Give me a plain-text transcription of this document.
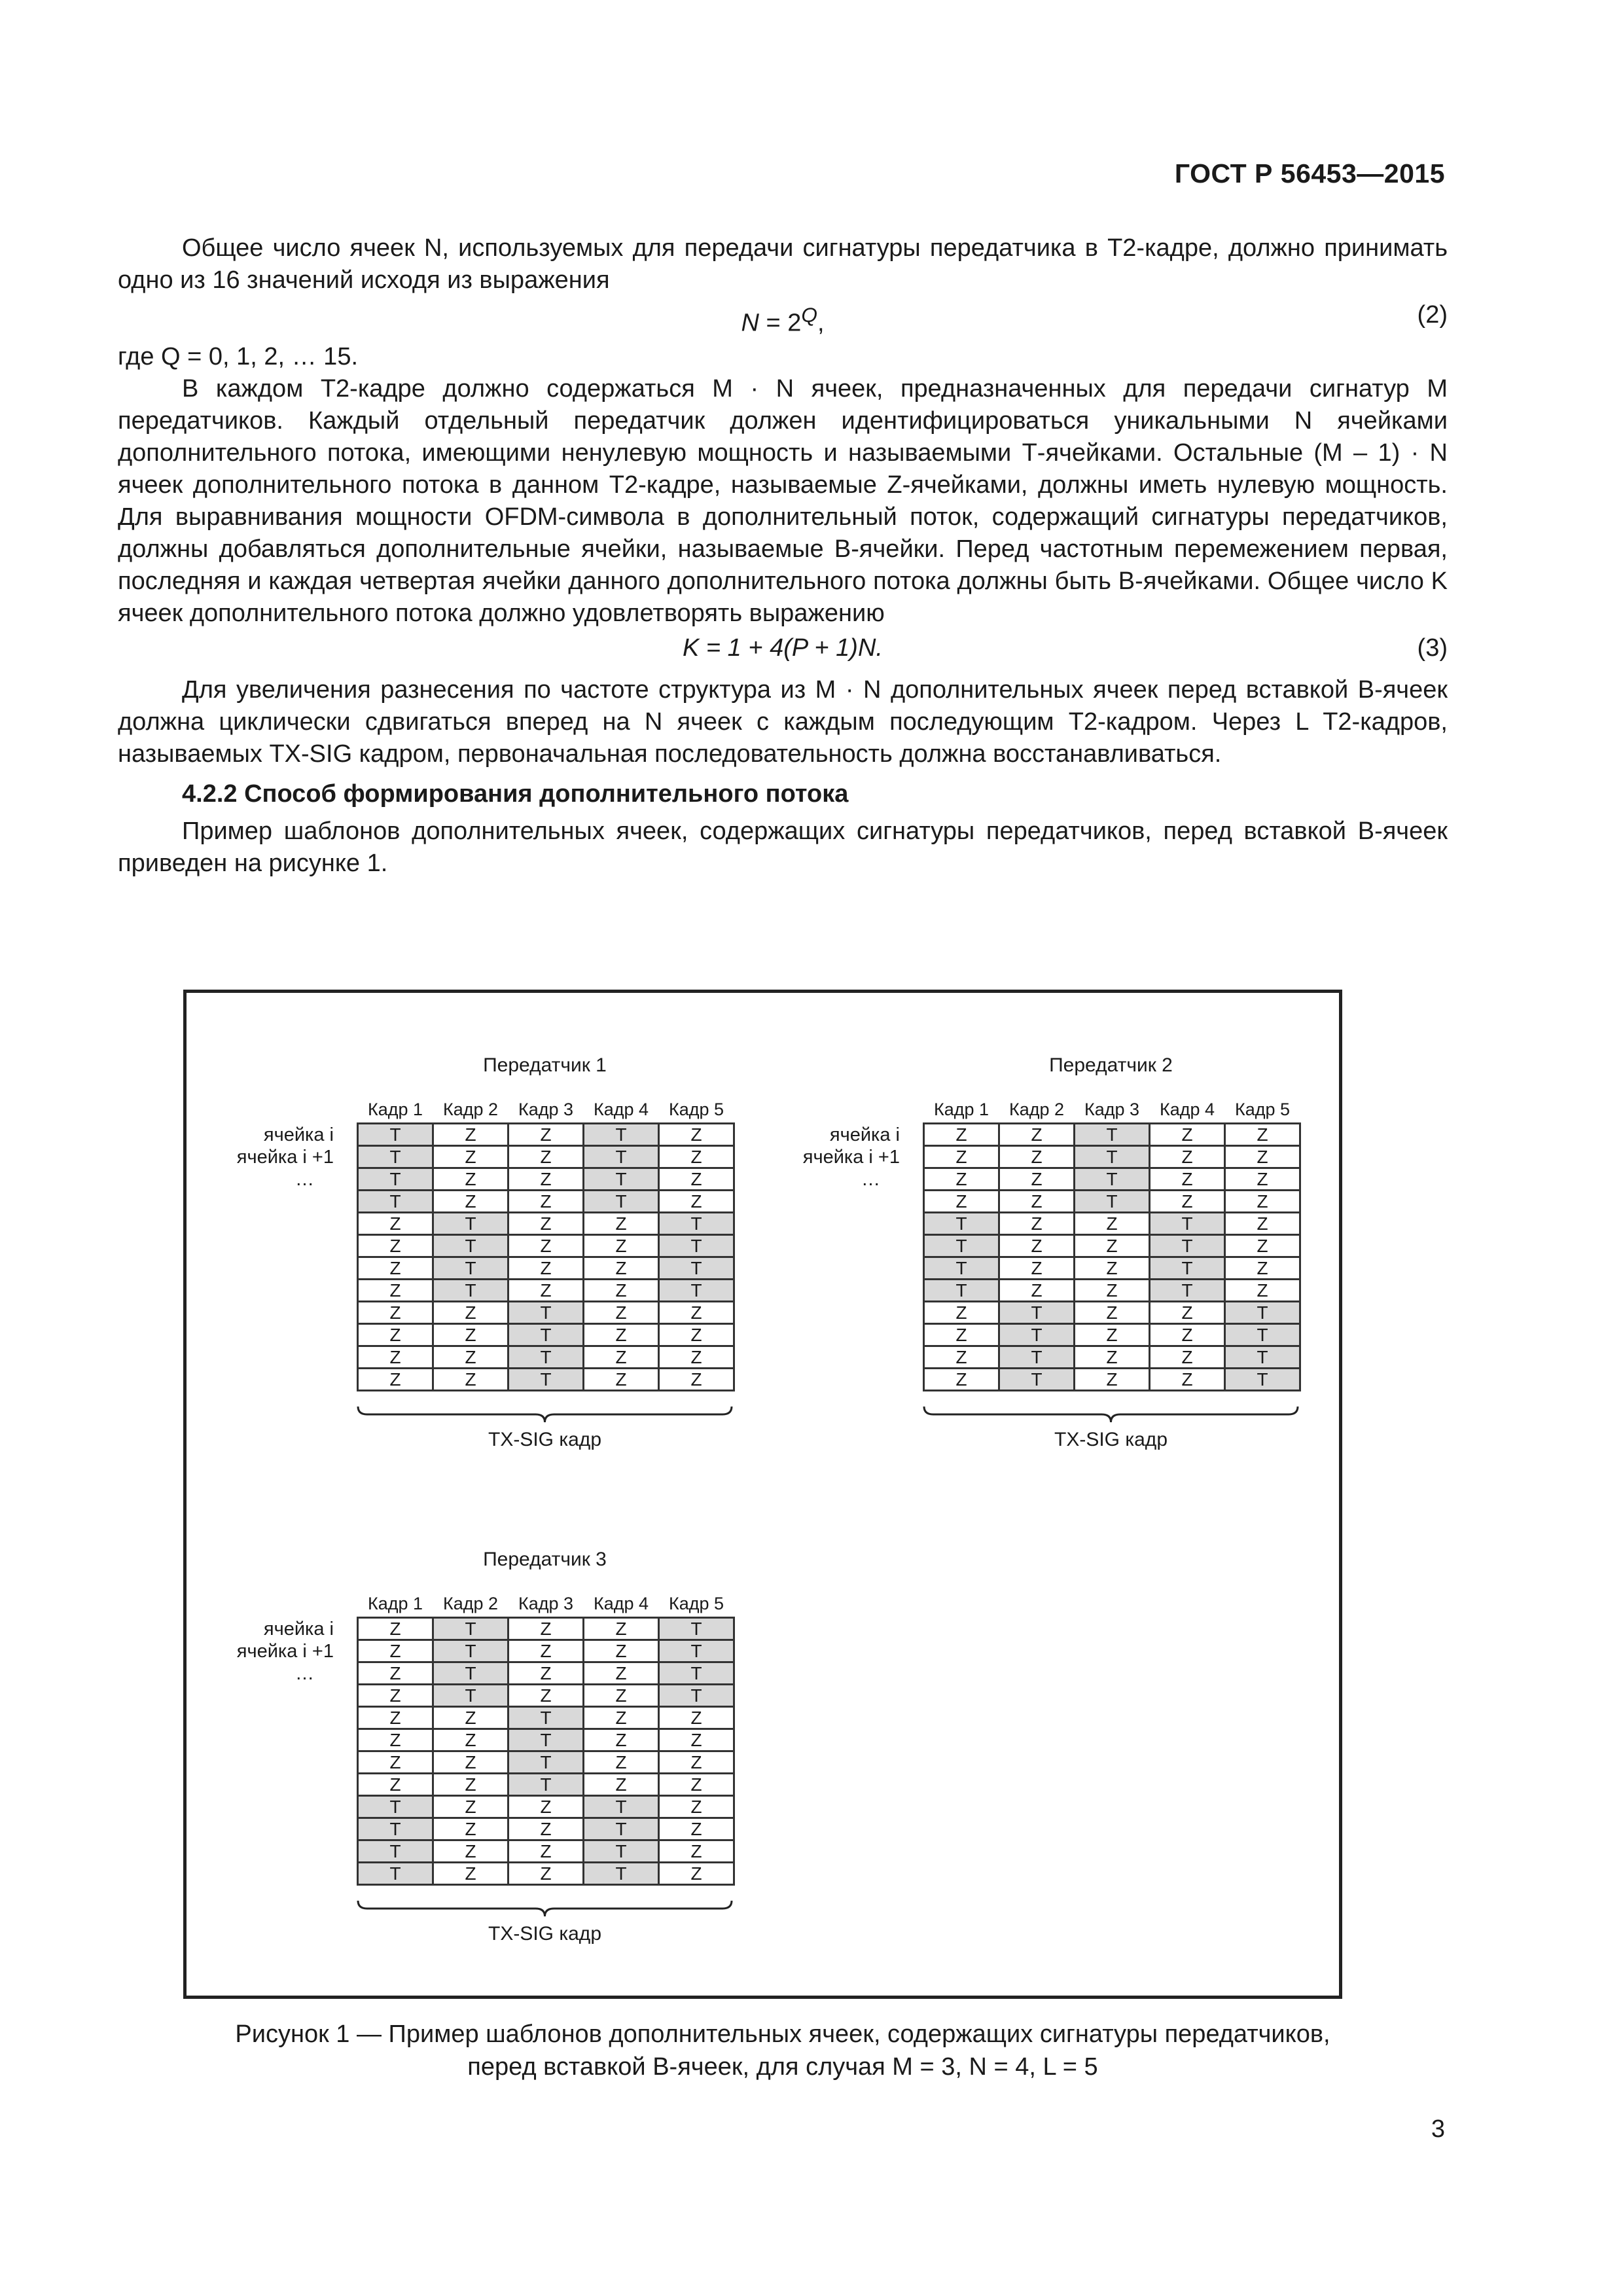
ГОСТ Р 56453—2015

Общее число ячеек N, используемых для передачи сигнатуры передатчика в Т2-кадре, должно принимать одно из 16 значений исходя из выражения

$N = 2^Q$,	(2)

где Q = 0, 1, 2, … 15.

В каждом Т2-кадре должно содержаться M · N ячеек, предназначенных для передачи сигнатур M передатчиков. Каждый отдельный передатчик должен идентифицироваться уникальными N ячейками дополнительного потока, имеющими ненулевую мощность и называемыми Т-ячейками. Остальные (M – 1) · N ячеек дополнительного потока в данном Т2-кадре, называемые Z-ячейками, должны иметь нулевую мощность. Для выравнивания мощности OFDM-символа в дополнительный поток, содержащий сигнатуры передатчиков, должны добавляться дополнительные ячейки, называемые В-ячейки. Перед частотным перемежением первая, последняя и каждая четвертая ячейки данного дополнительного потока должны быть В-ячейками. Общее число K ячеек дополнительного потока должно удовлетворять выражению

K = 1 + 4(P + 1)N.	(3)

Для увеличения разнесения по частоте структура из M · N дополнительных ячеек перед вставкой В-ячеек должна циклически сдвигаться вперед на N ячеек с каждым последующим Т2-кадром. Через L Т2-кадров, называемых TX-SIG кадром, первоначальная последовательность должна восстанавливаться.

4.2.2 Способ формирования дополнительного потока

Пример шаблонов дополнительных ячеек, содержащих сигнатуры передатчиков, перед вставкой В-ячеек приведен на рисунке 1.

Передатчик 1
Кадр 1	Кадр 2	Кадр 3	Кадр 4	Кадр 5
T	Z	Z	T	Z
T	Z	Z	T	Z
T	Z	Z	T	Z
T	Z	Z	T	Z
Z	T	Z	Z	T
Z	T	Z	Z	T
Z	T	Z	Z	T
Z	T	Z	Z	T
Z	Z	T	Z	Z
Z	Z	T	Z	Z
Z	Z	T	Z	Z
Z	Z	T	Z	Z
ячейка i
ячейка i +1
…
TX-SIG кадр
Передатчик 2
Кадр 1	Кадр 2	Кадр 3	Кадр 4	Кадр 5
Z	Z	T	Z	Z
Z	Z	T	Z	Z
Z	Z	T	Z	Z
Z	Z	T	Z	Z
T	Z	Z	T	Z
T	Z	Z	T	Z
T	Z	Z	T	Z
T	Z	Z	T	Z
Z	T	Z	Z	T
Z	T	Z	Z	T
Z	T	Z	Z	T
Z	T	Z	Z	T
ячейка i
ячейка i +1
…
TX-SIG кадр
Передатчик 3
Кадр 1	Кадр 2	Кадр 3	Кадр 4	Кадр 5
Z	T	Z	Z	T
Z	T	Z	Z	T
Z	T	Z	Z	T
Z	T	Z	Z	T
Z	Z	T	Z	Z
Z	Z	T	Z	Z
Z	Z	T	Z	Z
Z	Z	T	Z	Z
T	Z	Z	T	Z
T	Z	Z	T	Z
T	Z	Z	T	Z
T	Z	Z	T	Z
ячейка i
ячейка i +1
…
TX-SIG кадр
Рисунок 1 — Пример шаблонов дополнительных ячеек, содержащих сигнатуры передатчиков,
перед вставкой В-ячеек, для случая M = 3, N = 4, L = 5
3
